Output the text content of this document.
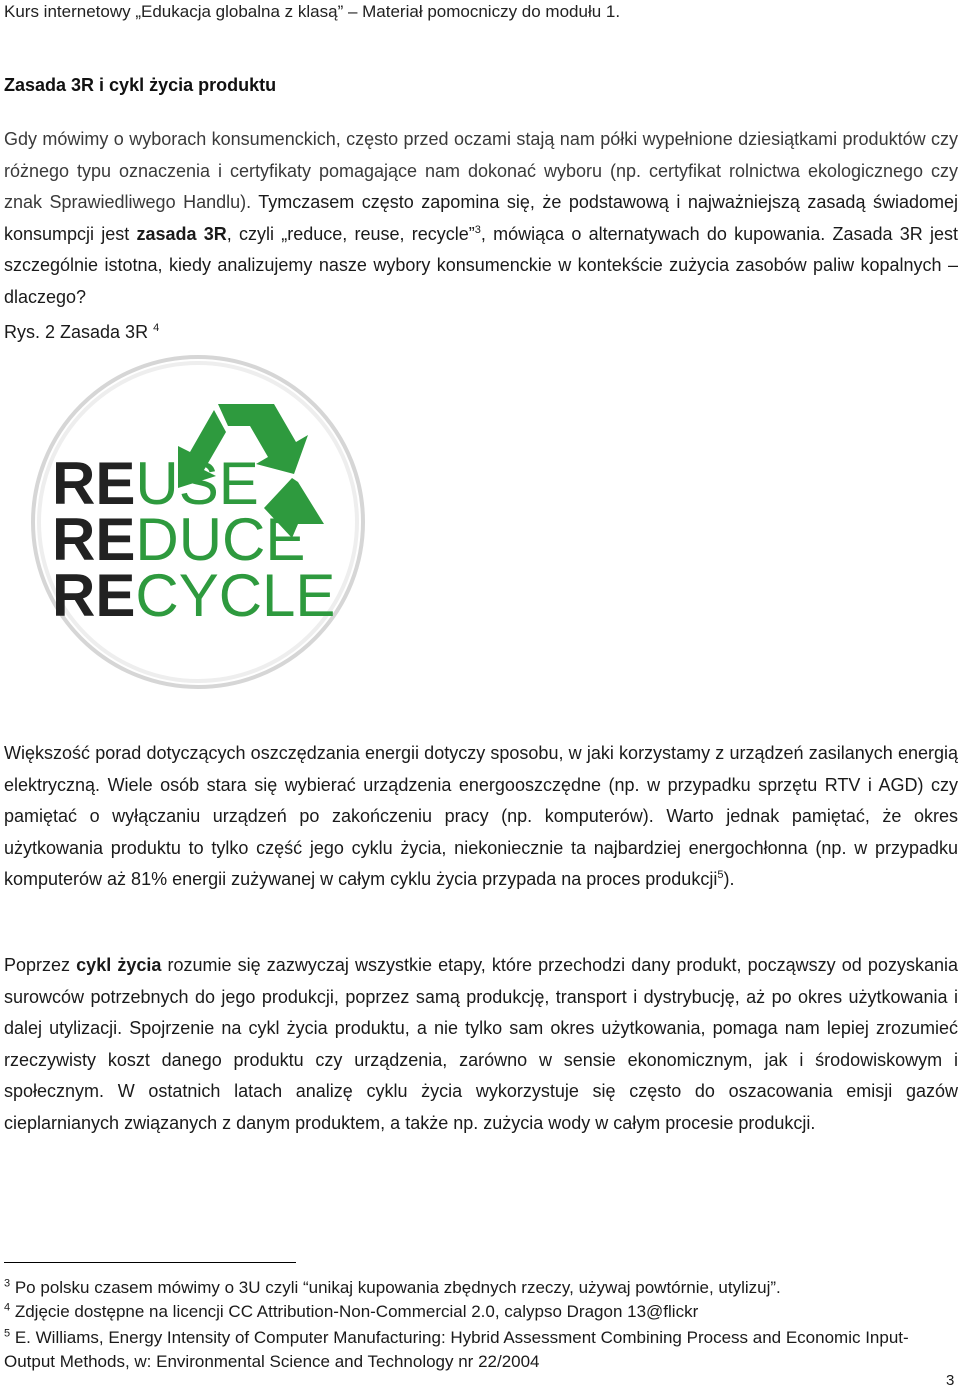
Kurs internetowy „Edukacja globalna z klasą” – Materiał pomocniczy do modułu 1.
Zasada 3R i cykl życia produktu

Gdy mówimy o wyborach konsumenckich, często przed oczami stają nam półki wypełnione dziesiątkami produktów czy różnego typu oznaczenia i certyfikaty pomagające nam dokonać wyboru (np. certyfikat rolnictwa ekologicznego czy znak Sprawiedliwego Handlu). Tymczasem często zapomina się, że podstawową i najważniejszą zasadą świadomej konsumpcji jest zasada 3R, czyli „reduce, reuse, recycle”$^3$, mówiąca o alternatywach do kupowania. Zasada 3R jest szczególnie istotna, kiedy analizujemy nasze wybory konsumenckie w kontekście zużycia zasobów paliw kopalnych – dlaczego?

Rys. 2 Zasada 3R $^4$
REUSE
REDUCE
RECYCLE

Większość porad dotyczących oszczędzania energii dotyczy sposobu, w jaki korzystamy z urządzeń zasilanych energią elektryczną. Wiele osób stara się wybierać urządzenia energooszczędne (np. w przypadku sprzętu RTV i AGD) czy pamiętać o wyłączaniu urządzeń po zakończeniu pracy (np. komputerów). Warto jednak pamiętać, że okres użytkowania produktu to tylko część jego cyklu życia, niekoniecznie ta najbardziej energochłonna (np. w przypadku komputerów aż 81% energii zużywanej w całym cyklu życia przypada na proces produkcji$^5$).

Poprzez cykl życia rozumie się zazwyczaj wszystkie etapy, które przechodzi dany produkt, począwszy od pozyskania surowców potrzebnych do jego produkcji, poprzez samą produkcję, transport i dystrybucję, aż po okres użytkowania i dalej utylizacji. Spojrzenie na cykl życia produktu, a nie tylko sam okres użytkowania, pomaga nam lepiej zrozumieć rzeczywisty koszt danego produktu czy urządzenia, zarówno w sensie ekonomicznym, jak i środowiskowym i społecznym. W ostatnich latach analizę cyklu życia wykorzystuje się często do oszacowania emisji gazów cieplarnianych związanych z danym produktem, a także np. zużycia wody w całym procesie produkcji.

$^3$ Po polsku czasem mówimy o 3U czyli “unikaj kupowania zbędnych rzeczy, używaj powtórnie, utylizuj”.

$^4$ Zdjęcie dostępne na licencji CC Attribution-Non-Commercial 2.0, calypso Dragon 13@flickr

$^5$ E. Williams, Energy Intensity of Computer Manufacturing: Hybrid Assessment Combining Process and Economic Input-Output Methods, w: Environmental Science and Technology nr 22/2004

3
